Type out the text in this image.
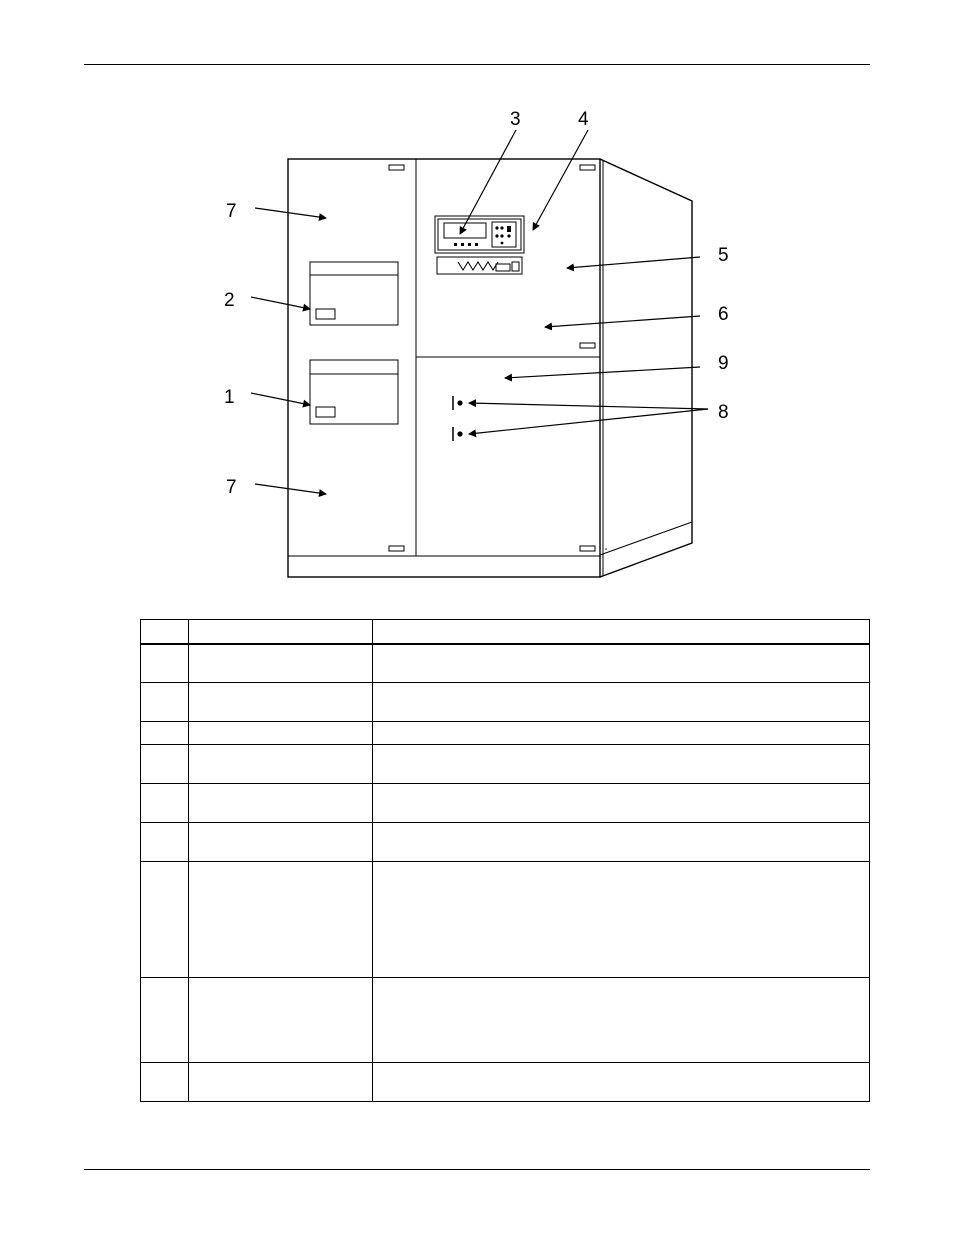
3	4
7
2
5
6
9
1
8
7
